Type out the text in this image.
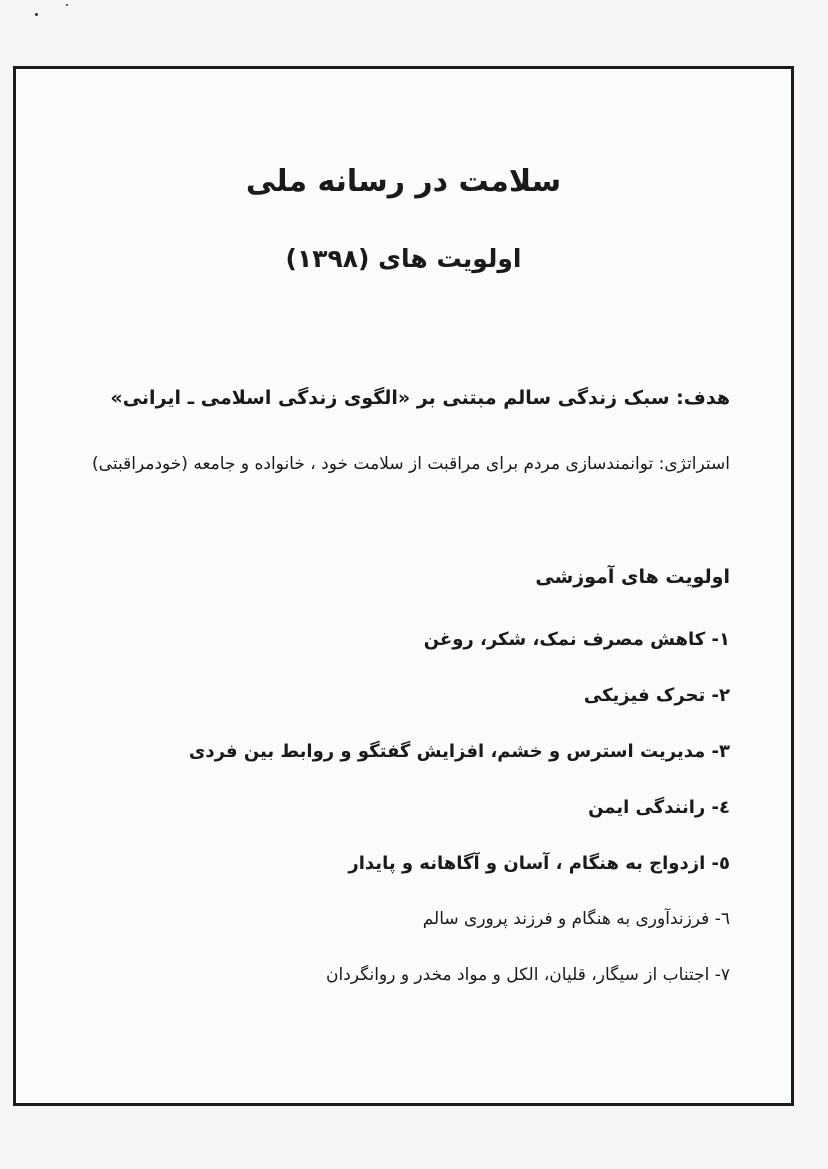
سلامت در رسانه ملی
اولویت های (۱۳۹۸)
هدف: سبک زندگی سالم مبتنی بر «الگوی زندگی اسلامی ـ ایرانی»
استراتژی: توانمندسازی مردم برای مراقبت از سلامت خود ، خانواده و جامعه (خودمراقبتی)
اولویت های آموزشی
۱- کاهش مصرف نمک، شکر، روغن
۲- تحرک فیزیکی
۳- مدیریت استرس و خشم، افزایش گفتگو و روابط بین فردی
٤- رانندگی ایمن
٥- ازدواج به هنگام ، آسان و آگاهانه و پایدار
٦- فرزندآوری به هنگام و فرزند پروری سالم
۷- اجتناب از سیگار، قلیان، الکل و مواد مخدر و روانگردان
